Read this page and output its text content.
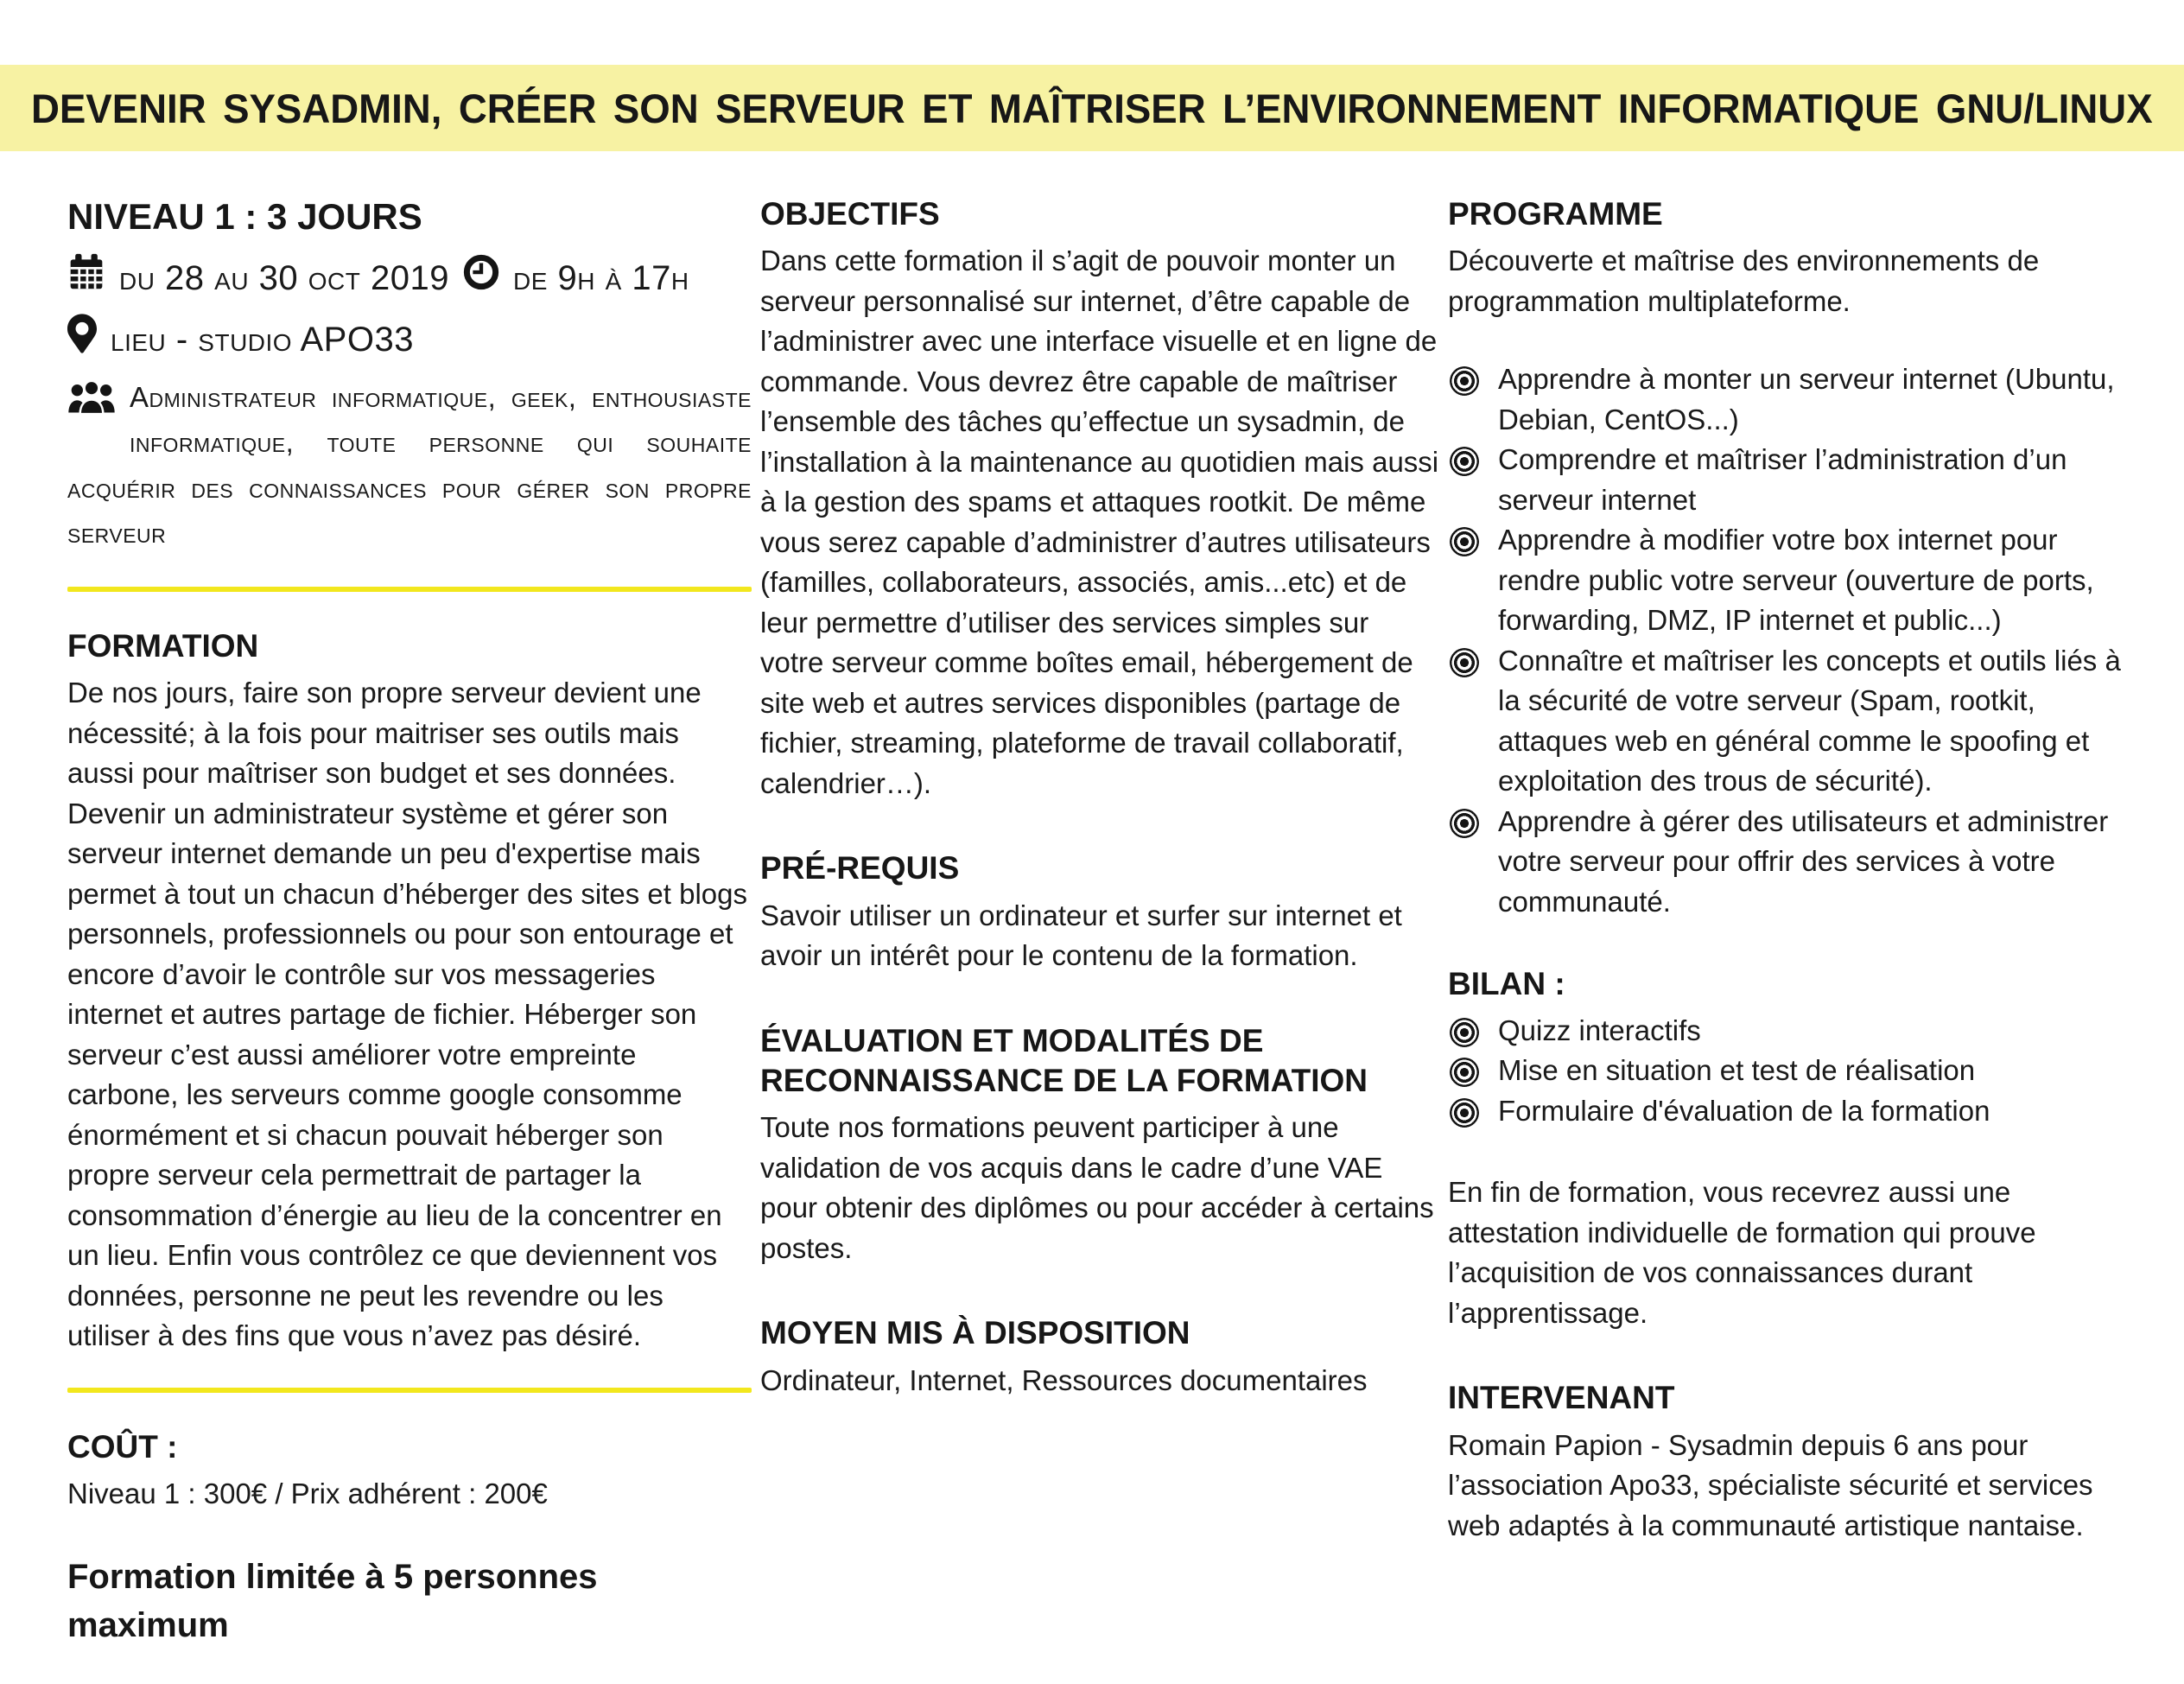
DEVENIR SYSADMIN, CRÉER SON SERVEUR ET MAÎTRISER L’ENVIRONNEMENT INFORMATIQUE GNU/LINUX
NIVEAU 1 : 3 JOURS
du 28 au 30 oct 2019 de 9h à 17h
lieu - studio APO33

Administrateur informatique, geek, enthousiaste informatique, toute personne qui souhaite acquérir des connaissances pour gérer son propre serveur

FORMATION

De nos jours, faire son propre serveur devient une nécessité; à la fois pour maitriser ses outils mais aussi pour maîtriser son budget et ses données. Devenir un administrateur système et gérer son serveur internet demande un peu d'expertise mais permet à tout un chacun d’héberger des sites et blogs personnels, professionnels ou pour son entourage et encore d’avoir le contrôle sur vos messageries internet et autres partage de fichier. Héberger son serveur c’est aussi améliorer votre empreinte carbone, les serveurs comme google consomme énormément et si chacun pouvait héberger son propre serveur cela permettrait de partager la consommation d’énergie au lieu de la concentrer en un lieu. Enfin vous contrôlez ce que deviennent vos données, personne ne peut les revendre ou les utiliser à des fins que vous n’avez pas désiré.

COÛT :

Niveau 1 : 300€ / Prix adhérent : 200€

Formation limitée à 5 personnes maximum

OBJECTIFS

Dans cette formation il s’agit de pouvoir monter un serveur personnalisé sur internet, d’être capable de l’administrer avec une interface visuelle et en ligne de commande. Vous devrez être capable de maîtriser l’ensemble des tâches qu’effectue un sysadmin, de l’installation à la maintenance au quotidien mais aussi à la gestion des spams et attaques rootkit. De même vous serez capable d’administrer d’autres utilisateurs (familles, collaborateurs, associés, amis...etc) et de leur permettre d’utiliser des services simples sur votre serveur comme boîtes email, hébergement de site web et autres services disponibles (partage de fichier, streaming, plateforme de travail collaboratif, calendrier…).

PRÉ-REQUIS

Savoir utiliser un ordinateur et surfer sur internet et avoir un intérêt pour le contenu de la formation.

ÉVALUATION ET MODALITÉS DE RECONNAISSANCE DE LA FORMATION

Toute nos formations peuvent participer à une validation de vos acquis dans le cadre d’une VAE pour obtenir des diplômes ou pour accéder à certains postes.

MOYEN MIS À DISPOSITION

Ordinateur, Internet, Ressources documentaires

PROGRAMME

Découverte et maîtrise des environnements de programmation multiplateforme.

Apprendre à monter un serveur internet (Ubuntu, Debian, CentOS...)
Comprendre et maîtriser l’administration d’un serveur internet
Apprendre à modifier votre box internet pour rendre public votre serveur (ouverture de ports, forwarding, DMZ, IP internet et public...)
Connaître et maîtriser les concepts et outils liés à la sécurité de votre serveur (Spam, rootkit, attaques web en général comme le spoofing et exploitation des trous de sécurité).
Apprendre à gérer des utilisateurs et administrer votre serveur pour offrir des services à votre communauté.
BILAN :
Quizz interactifs
Mise en situation et test de réalisation
Formulaire d'évaluation de la formation

En fin de formation, vous recevrez aussi une attestation individuelle de formation qui prouve l’acquisition de vos connaissances durant l’apprentissage.

INTERVENANT

Romain Papion - Sysadmin depuis 6 ans pour l’association Apo33, spécialiste sécurité et services web adaptés à la communauté artistique nantaise.
